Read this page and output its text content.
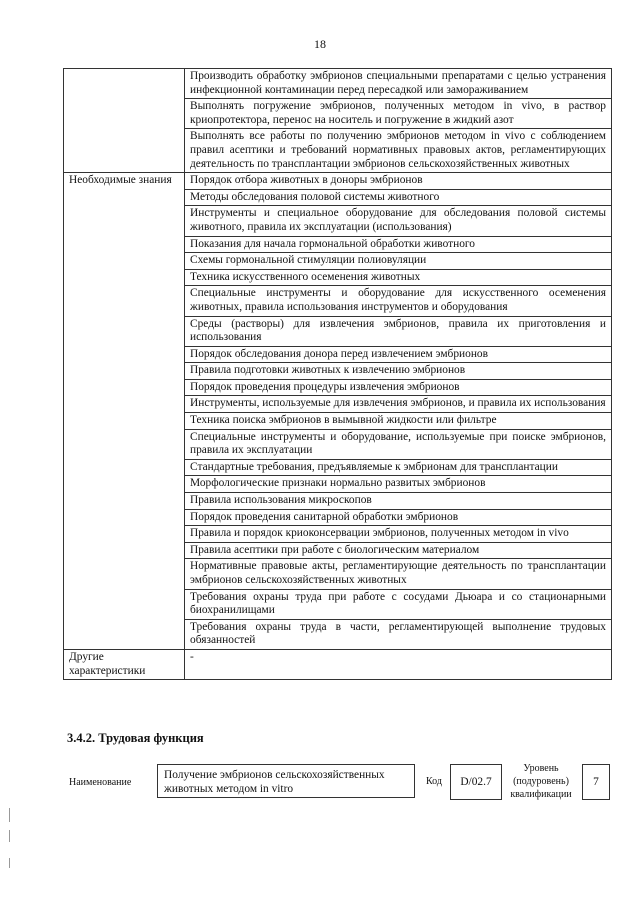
18
	Производить обработку эмбрионов специальными препаратами с целью устранения инфекционной контаминации перед пересадкой или замораживанием
	Выполнять погружение эмбрионов, полученных методом in vivo, в раствор криопротектора, перенос на носитель и погружение в жидкий азот
	Выполнять все работы по получению эмбрионов методом in vivo с соблюдением правил асептики и требований нормативных правовых актов, регламентирующих деятельность по трансплантации эмбрионов сельскохозяйственных животных
Необходимые знания	Порядок отбора животных в доноры эмбрионов
	Методы обследования половой системы животного
	Инструменты и специальное оборудование для обследования половой системы животного, правила их эксплуатации (использования)
	Показания для начала гормональной обработки животного
	Схемы гормональной стимуляции полиовуляции
	Техника искусственного осеменения животных
	Специальные инструменты и оборудование для искусственного осеменения животных, правила использования инструментов и оборудования
	Среды (растворы) для извлечения эмбрионов, правила их приготовления и использования
	Порядок обследования донора перед извлечением эмбрионов
	Правила подготовки животных к извлечению эмбрионов
	Порядок проведения процедуры извлечения эмбрионов
	Инструменты, используемые для извлечения эмбрионов, и правила их использования
	Техника поиска эмбрионов в вымывной жидкости или фильтре
	Специальные инструменты и оборудование, используемые при поиске эмбрионов, правила их эксплуатации
	Стандартные требования, предъявляемые к эмбрионам для трансплантации
	Морфологические признаки нормально развитых эмбрионов
	Правила использования микроскопов
	Порядок проведения санитарной обработки эмбрионов
	Правила и порядок криоконсервации эмбрионов, полученных методом in vivo
	Правила асептики при работе с биологическим материалом
	Нормативные правовые акты, регламентирующие деятельность по трансплантации эмбрионов сельскохозяйственных животных
	Требования охраны труда при работе с сосудами Дьюара и со стационарными биохранилищами
	Требования охраны труда в части, регламентирующей выполнение трудовых обязанностей
Другие характеристики	-
3.4.2. Трудовая функция
Наименование
Получение эмбрионов сельскохозяйственных животных методом in vitro
Код	D/02.7
Уровень (подуровень) квалификации
7
